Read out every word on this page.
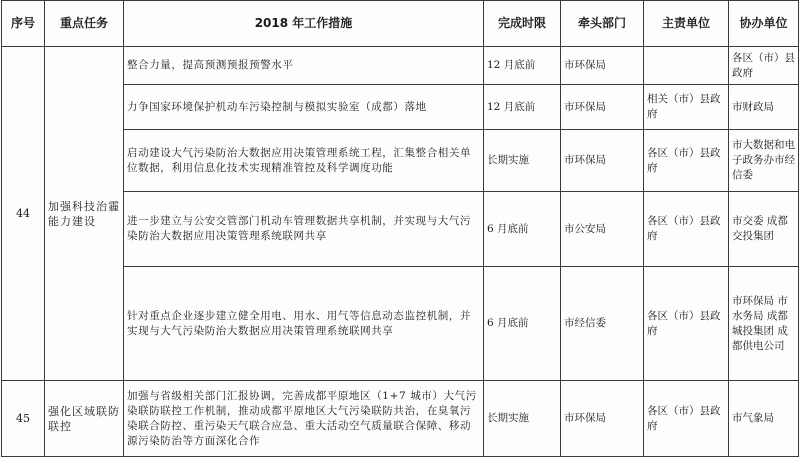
序号	重点任务	2018 年工作措施	完成时限	牵头部门	主责单位	协办单位
44	加强科技治霾能力建设	整合力量，提高预测预报预警水平	12 月底前	市环保局		各区（市）县政府
		力争国家环境保护机动车污染控制与模拟实验室（成都）落地	12 月底前	市环保局	相关（市）县政府	市财政局
		启动建设大气污染防治大数据应用决策管理系统工程，汇集整合相关单位数据，利用信息化技术实现精准管控及科学调度功能	长期实施	市环保局	各区（市）县政府	市大数据和电子政务办市经信委
		进一步建立与公安交管部门机动车管理数据共享机制，并实现与大气污染防治大数据应用决策管理系统联网共享	6 月底前	市公安局	各区（市）县政府	市交委 成都交投集团
		针对重点企业逐步建立健全用电、用水、用气等信息动态监控机制，并实现与大气污染防治大数据应用决策管理系统联网共享	6 月底前	市经信委	各区（市）县政府	市环保局 市水务局 成都城投集团 成都供电公司
45	强化区域联防联控	加强与省级相关部门汇报协调，完善成都平原地区（1+7 城市）大气污染联防联控工作机制，推动成都平原地区大气污染联防共治，在臭氧污染联合防控、重污染天气联合应急、重大活动空气质量联合保障、移动源污染防治等方面深化合作	长期实施	市环保局	各区（市）县政府	市气象局
